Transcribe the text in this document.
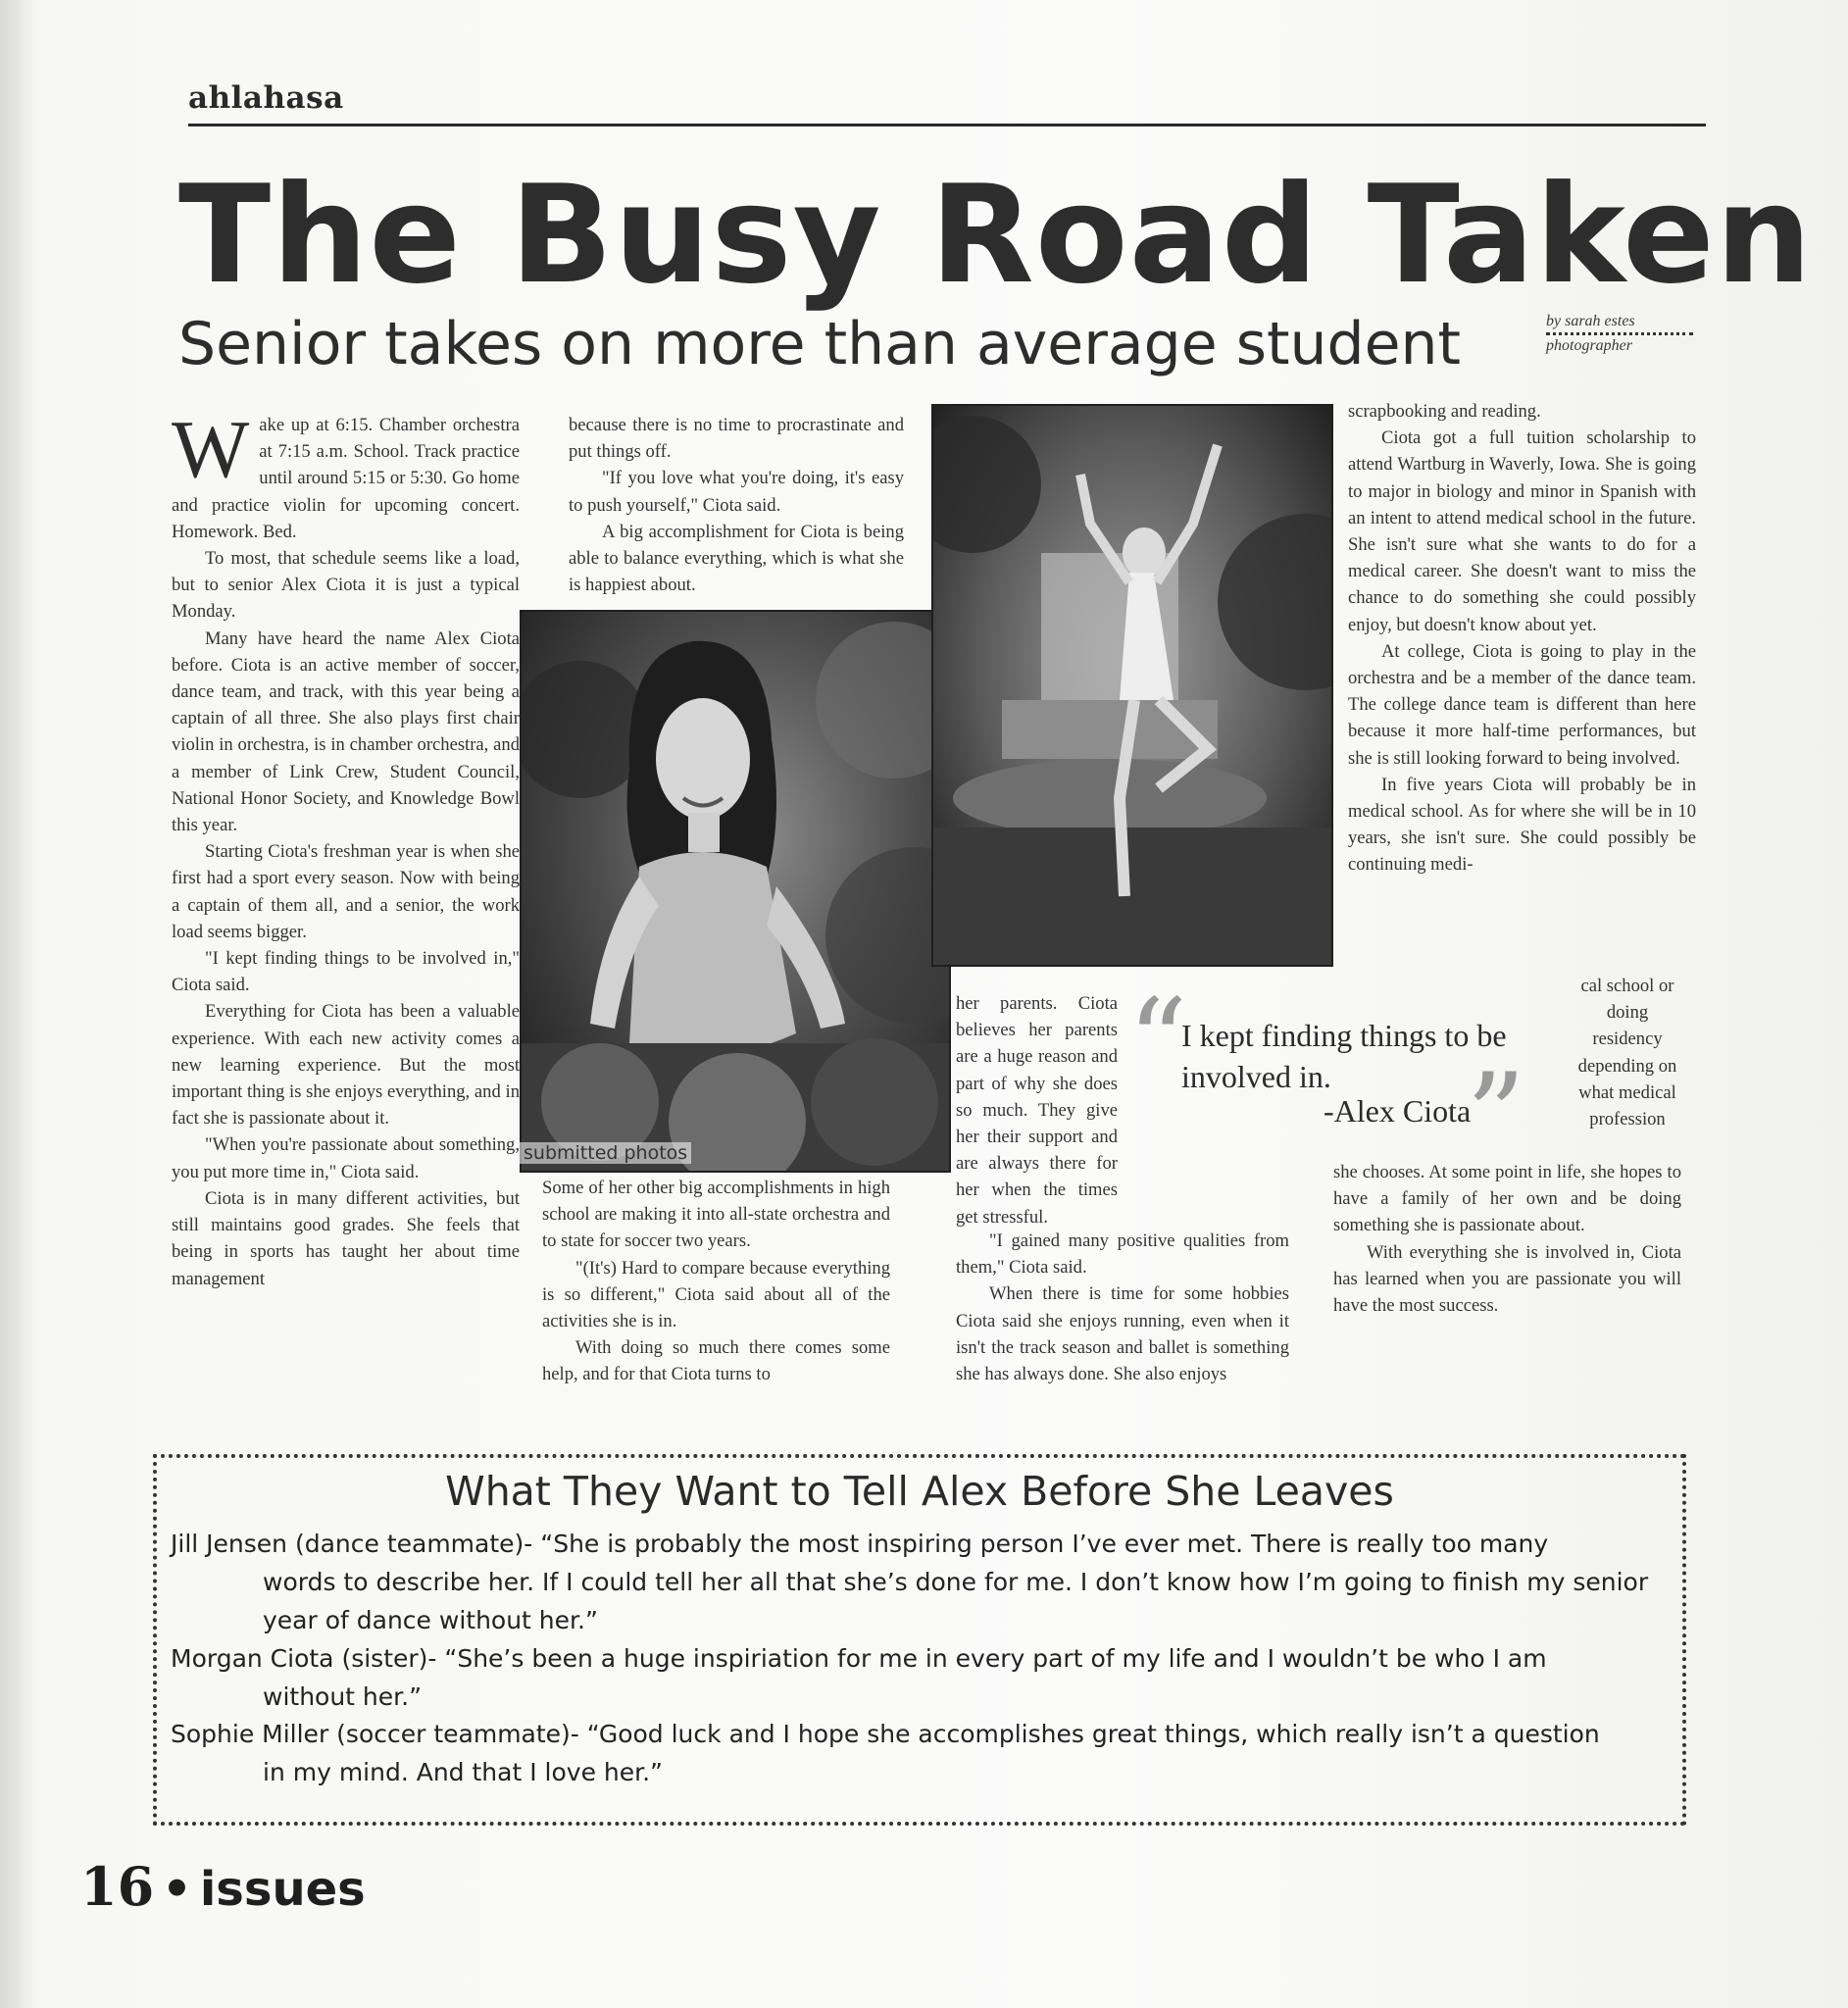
ahlahasa
The Busy Road Taken
Senior takes on more than average student	by sarah estes
photographer

Wake up at 6:15. Chamber orchestra at 7:15 a.m. School. Track practice until around 5:15 or 5:30. Go home and practice violin for upcoming concert. Homework. Bed.

To most, that schedule seems like a load, but to senior Alex Ciota it is just a typical Monday.

Many have heard the name Alex Ciota before. Ciota is an active member of soccer, dance team, and track, with this year being a captain of all three. She also plays first chair violin in orchestra, is in chamber orchestra, and a member of Link Crew, Student Council, National Honor Society, and Knowledge Bowl this year.

Starting Ciota's freshman year is when she first had a sport every season. Now with being a captain of them all, and a senior, the work load seems bigger.

"I kept finding things to be involved in," Ciota said.

Everything for Ciota has been a valuable experience. With each new activity comes a new learning experience. But the most important thing is she enjoys everything, and in fact she is passionate about it.

"When you're passionate about something, you put more time in," Ciota said.

Ciota is in many different activities, but still maintains good grades. She feels that being in sports has taught her about time management

because there is no time to procrastinate and put things off.

"If you love what you're doing, it's easy to push yourself," Ciota said.

A big accomplishment for Ciota is being able to balance everything, which is what she is happiest about.

submitted photos

Some of her other big accomplishments in high school are making it into all-state orchestra and to state for soccer two years.

"(It's) Hard to compare because everything is so different," Ciota said about all of the activities she is in.

With doing so much there comes some help, and for that Ciota turns to

her parents. Ciota believes her parents are a huge reason and part of why she does so much. They give her their support and are always there for her when the times get stressful.

"I gained many positive qualities from them," Ciota said.

When there is time for some hobbies Ciota said she enjoys running, even when it isn't the track season and ballet is something she has always done. She also enjoys

scrapbooking and reading.

Ciota got a full tuition scholarship to attend Wartburg in Waverly, Iowa. She is going to major in biology and minor in Spanish with an intent to attend medical school in the future. She isn't sure what she wants to do for a medical career. She doesn't want to miss the chance to do something she could possibly enjoy, but doesn't know about yet.

At college, Ciota is going to play in the orchestra and be a member of the dance team. The college dance team is different than here because it more half-time performances, but she is still looking forward to being involved.

In five years Ciota will probably be in medical school. As for where she will be in 10 years, she isn't sure. She could possibly be continuing medi-

cal school or doing residency depending on what medical profession

she chooses. At some point in life, she hopes to have a family of her own and be doing something she is passionate about.

With everything she is involved in, Ciota has learned when you are passionate you will have the most success.

“
I kept finding things to be involved in.
-Alex Ciota
”
What They Want to Tell Alex Before She Leaves
Jill Jensen (dance teammate)- “She is probably the most inspiring person I’ve ever met. There is really too many
words to describe her. If I could tell her all that she’s done for me. I don’t know how I’m going to finish my senior year of dance without her.”
Morgan Ciota (sister)- “She’s been a huge inspiriation for me in every part of my life and I wouldn’t be who I am
without her.”
Sophie Miller (soccer teammate)- “Good luck and I hope she accomplishes great things, which really isn’t a question
in my mind. And that I love her.”
16 • issues
